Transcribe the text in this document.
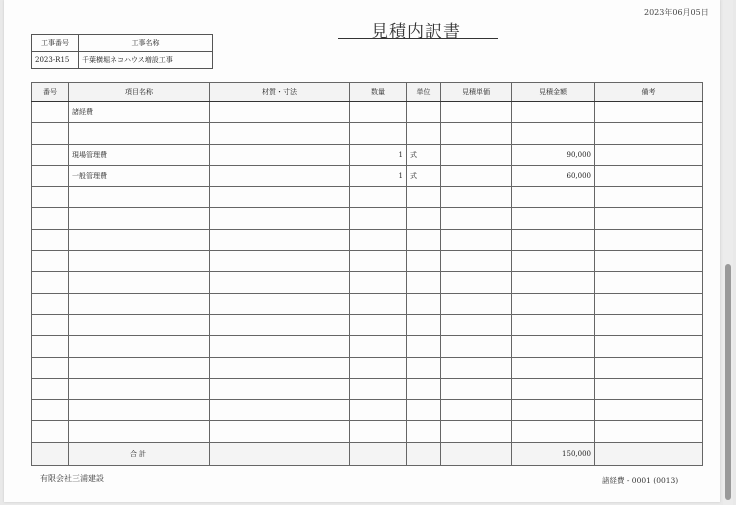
2023年06月05日
見積内訳書
工事番号	工事名称
2023-R15	千葉横堀ネコハウス増設工事
番号	項目名称	材質・寸法	数量	単位	見積単価	見積金額	備考
	諸経費						

	現場管理費		1	式		90,000	
	一般管理費		1	式		60,000	

	合計					150,000	
有限会社三浦建設	諸経費 - 0001 (0013)
